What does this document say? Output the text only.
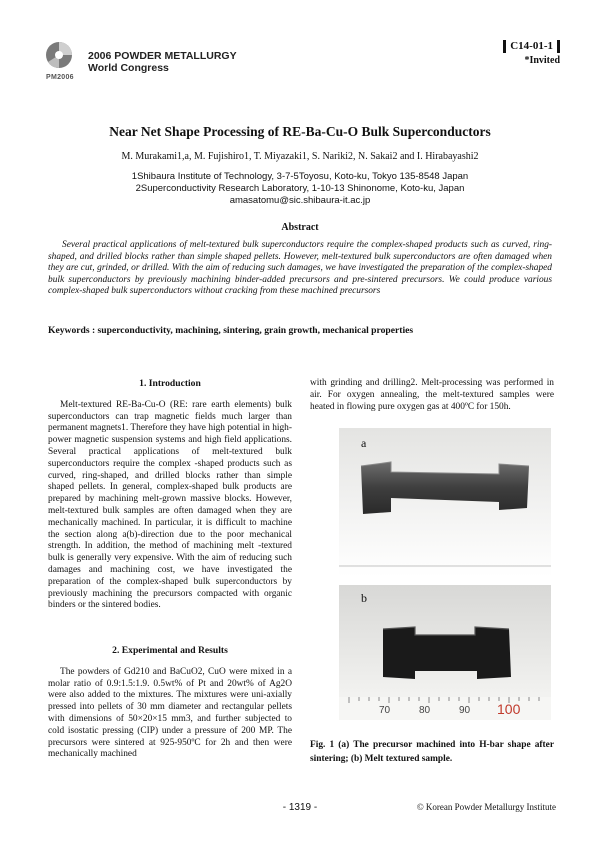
PM2006
2006 POWDER METALLURGY
World Congress
C14-01-1
*Invited
Near Net Shape Processing of RE-Ba-Cu-O Bulk Superconductors
M. Murakami1,a, M. Fujishiro1, T. Miyazaki1, S. Nariki2, N. Sakai2 and I. Hirabayashi2
1Shibaura Institute of Technology, 3-7-5Toyosu, Koto-ku, Tokyo 135-8548 Japan
2Superconductivity Research Laboratory, 1-10-13 Shinonome, Koto-ku, Japan
amasatomu@sic.shibaura-it.ac.jp
Abstract
Several practical applications of melt-textured bulk superconductors require the complex-shaped products such as curved, ring-shaped, and drilled blocks rather than simple shaped pellets. However, melt-textured bulk superconductors are often damaged when they are cut, grinded, or drilled. With the aim of reducing such damages, we have investigated the preparation of the complex-shaped bulk superconductors by previously machining binder-added precursors and pre-sintered precursors. We could produce various complex-shaped bulk superconductors without cracking from these machined precursors
Keywords : superconductivity, machining, sintering, grain growth, mechanical properties
1. Introduction
Melt-textured RE-Ba-Cu-O (RE: rare earth elements) bulk superconductors can trap magnetic fields much larger than permanent magnets1. Therefore they have high potential in high-power magnetic suspension systems and high field applications. Several practical applications of melt-textured bulk superconductors require the complex -shaped products such as curved, ring-shaped, and drilled blocks rather than simple shaped pellets. In general, complex-shaped bulk products are prepared by machining melt-grown massive blocks. However, melt-textured bulk samples are often damaged when they are mechanically machined. In particular, it is difficult to machine the section along a(b)-direction due to the poor mechanical strength. In addition, the method of machining melt -textured bulk is generally very expensive. With the aim of reducing such damages and machining cost, we have investigated the preparation of the complex-shaped bulk superconductors by previously machining the precursors compacted with organic binders or the sintered bodies.
2. Experimental and Results
The powders of Gd210 and BaCuO2, CuO were mixed in a molar ratio of 0.9:1.5:1.9. 0.5wt% of Pt and 20wt% of Ag2O were also added to the mixtures. The mixtures were uni-axially pressed into pellets of 30 mm diameter and rectangular pellets with dimensions of 50×20×15 mm3, and further subjected to cold isostatic pressing (CIP) under a pressure of 200 MP. The precursors were sintered at 925-950ºC for 2h and then were mechanically machined
with grinding and drilling2. Melt-processing was performed in air. For oxygen annealing, the melt-textured samples were heated in flowing pure oxygen gas at 400ºC for 150h.
a
b
70	80	90 100
Fig. 1 (a) The precursor machined into H-bar shape after sintering; (b) Melt textured sample.
- 1319 -	© Korean Powder Metallurgy Institute
